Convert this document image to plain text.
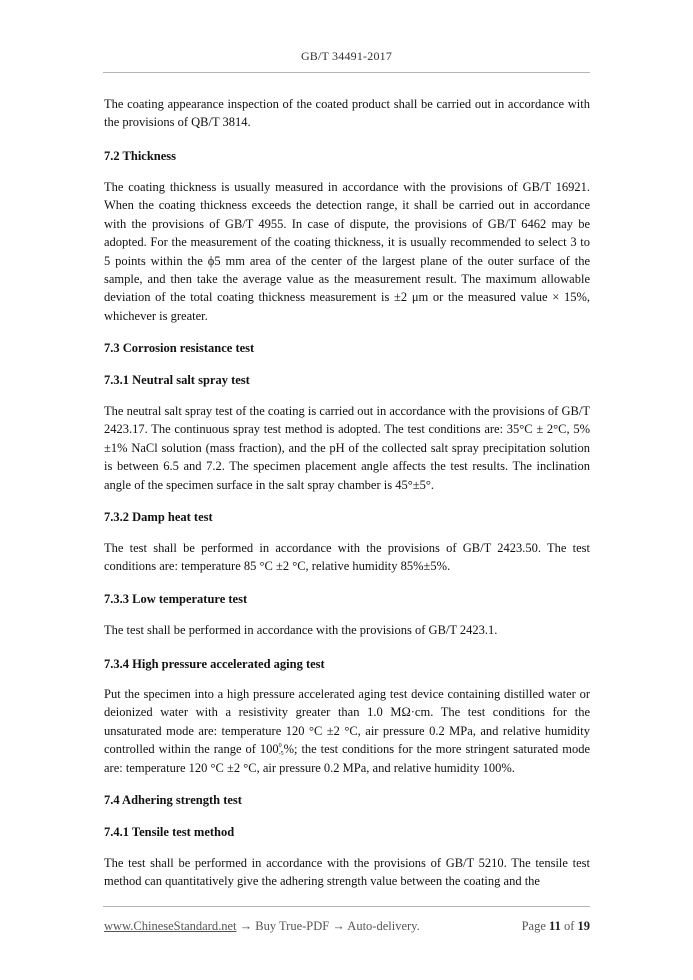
GB/T 34491-2017

The coating appearance inspection of the coated product shall be carried out in accordance with the provisions of QB/T 3814.

7.2 Thickness

The coating thickness is usually measured in accordance with the provisions of GB/T 16921. When the coating thickness exceeds the detection range, it shall be carried out in accordance with the provisions of GB/T 4955. In case of dispute, the provisions of GB/T 6462 may be adopted. For the measurement of the coating thickness, it is usually recommended to select 3 to 5 points within the ϕ5 mm area of the center of the largest plane of the outer surface of the sample, and then take the average value as the measurement result. The maximum allowable deviation of the total coating thickness measurement is ±2 μm or the measured value × 15%, whichever is greater.

7.3 Corrosion resistance test
7.3.1 Neutral salt spray test

The neutral salt spray test of the coating is carried out in accordance with the provisions of GB/T 2423.17. The continuous spray test method is adopted. The test conditions are: 35°C ± 2°C, 5%±1% NaCl solution (mass fraction), and the pH of the collected salt spray precipitation solution is between 6.5 and 7.2. The specimen placement angle affects the test results. The inclination angle of the specimen surface in the salt spray chamber is 45°±5°.

7.3.2 Damp heat test

The test shall be performed in accordance with the provisions of GB/T 2423.50. The test conditions are: temperature 85 °C ±2 °C, relative humidity 85%±5%.

7.3.3 Low temperature test

The test shall be performed in accordance with the provisions of GB/T 2423.1.

7.3.4 High pressure accelerated aging test

Put the specimen into a high pressure accelerated aging test device containing distilled water or deionized water with a resistivity greater than 1.0 MΩ·cm. The test conditions for the unsaturated mode are: temperature 120 °C ±2 °C, air pressure 0.2 MPa, and relative humidity controlled within the range of $100^0_{-5}\%$; the test conditions for the more stringent saturated mode are: temperature 120 °C ±2 °C, air pressure 0.2 MPa, and relative humidity 100%.

7.4 Adhering strength test
7.4.1 Tensile test method

The test shall be performed in accordance with the provisions of GB/T 5210. The tensile test method can quantitatively give the adhering strength value between the coating and the

www.ChineseStandard.net → Buy True-PDF → Auto-delivery.	Page 11 of 19
